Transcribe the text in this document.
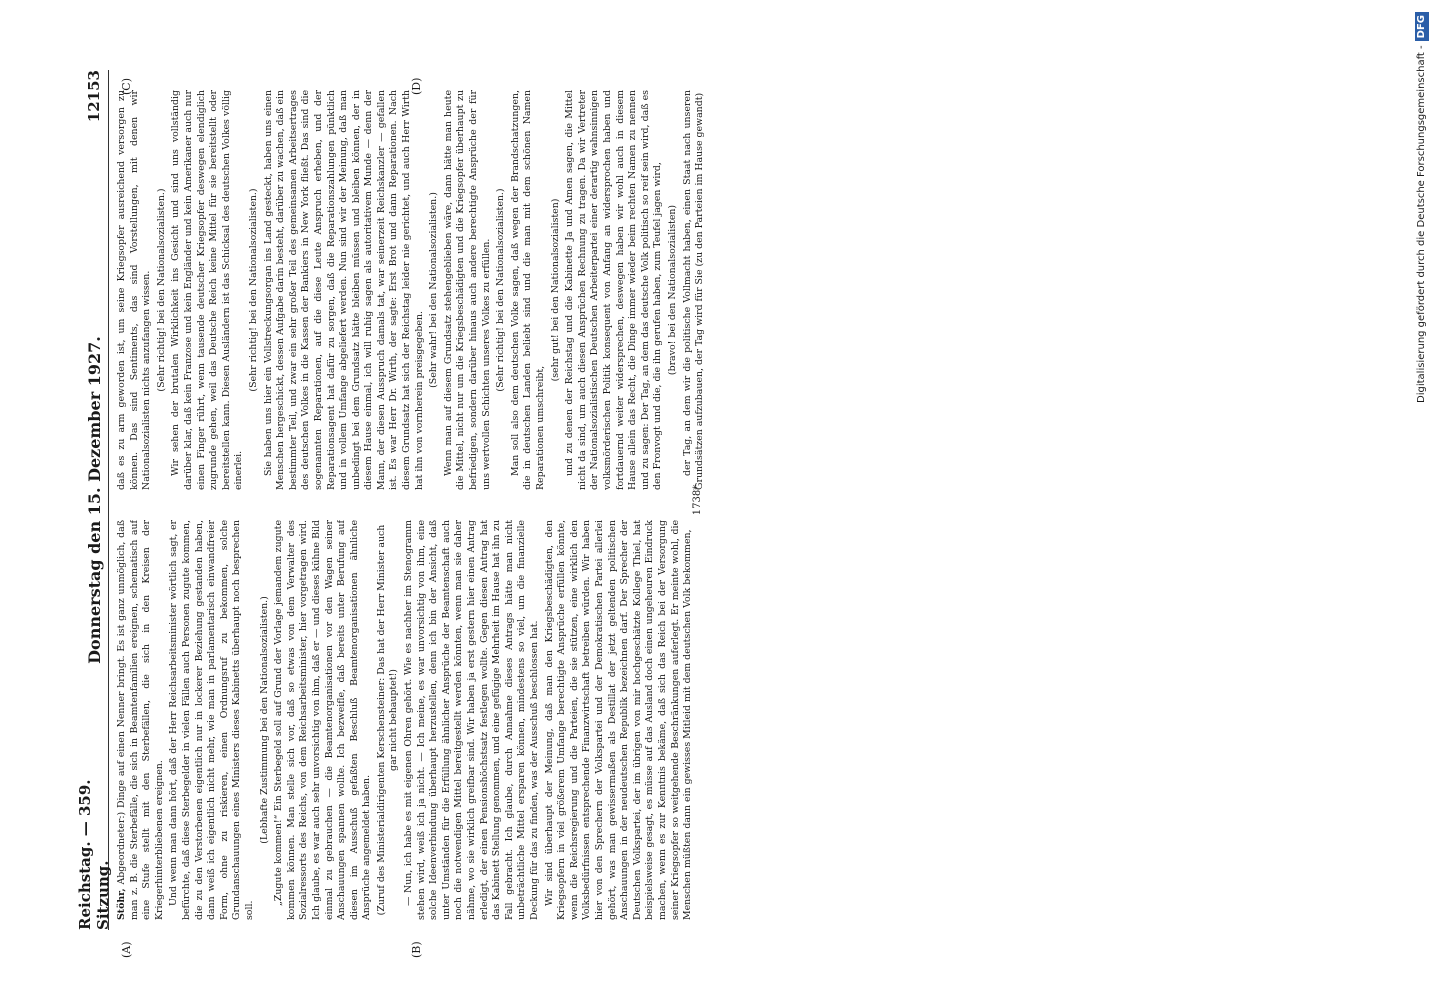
Reichstag. — 359. Sitzung.
Donnerstag den 15. Dezember 1927.
12153
(A)	(B)
(C)	(D)

Stöhr, Abgeordneter:) Dinge auf einen Nenner bringt. Es ist ganz unmöglich, daß man z. B. die Sterbefälle, die sich in Beamtenfamilien ereignen, schematisch auf eine Stufe stellt mit den Sterbefällen, die sich in den Kreisen der Kriegerhinterbliebenen ereignen. Und wenn man dann hört, daß der Herr Reichsarbeitsminister wörtlich sagt, er befürchte, daß diese Sterbegelder in vielen Fällen auch Personen zugute kommen, die zu den Verstorbenen eigentlich nur in lockerer Beziehung gestanden haben, dann weiß ich eigentlich nicht mehr, wie man in parlamentarisch einwandfreier Form, ohne zu riskieren, einen Ordnungsruf zu bekommen, solche Grundanschauungen eines Ministers dieses Kabinetts überhaupt noch besprechen soll.

(Lebhafte Zustimmung bei den Nationalsozialisten.) „Zugute kommen!“ Ein Sterbegeld soll auf Grund der Vorlage jemandem zugute kommen können. Man stelle sich vor, daß so etwas von dem Verwalter des Sozialressorts des Reichs, von dem Reichsarbeitsminister, hier vorgetragen wird. Ich glaube, es war auch sehr unvorsichtig von ihm, daß er — und dieses kühne Bild einmal zu gebrauchen — die Beamtenorganisationen vor den Wagen seiner Anschauungen spannen wollte. Ich bezweifle, daß bereits unter Berufung auf diesen im Ausschuß gefaßten Beschluß Beamtenorganisationen ähnliche Ansprüche angemeldet haben. (Zuruf des Ministerialdirigenten Kerschensteiner: Das hat der Herr Minister auch gar nicht behauptet!) — Nun, ich habe es mit eigenen Ohren gehört. Wie es nachher im Stenogramm stehen wird, weiß ich ja nicht. — Ich meine, es war unvorsichtig von ihm, eine solche Ideenverbindung überhaupt herzustellen, denn ich bin der Ansicht, daß unter Umständen für die Erfüllung ähnlicher Ansprüche der Beamtenschaft auch noch die notwendigen Mittel bereitgestellt werden könnten, wenn man sie daher nähme, wo sie wirklich greifbar sind. Wir haben ja erst gestern hier einen Antrag erledigt, der einen Pensionshöchstsatz festlegen wollte. Gegen diesen Antrag hat das Kabinett Stellung genommen, und eine gefügige Mehrheit im Hause hat ihn zu Fall gebracht. Ich glaube, durch Annahme dieses Antrags hätte man nicht unbeträchtliche Mittel ersparen können, mindestens so viel, um die finanzielle Deckung für das zu finden, was der Ausschuß beschlossen hat. Wir sind überhaupt der Meinung, daß man den Kriegsbeschädigten, den Kriegsopfern in viel größerem Umfange berechtigte Ansprüche erfüllen könnte, wenn die Reichsregierung und die Parteien, die sie stützen, eine wirklich den Volksbedürfnissen entsprechende Finanzwirtschaft betreiben würden. Wir haben hier von den Sprechern der Volkspartei und der Demokratischen Partei allerlei gehört, was man gewissermaßen als Destillat der jetzt geltenden politischen Anschauungen in der neudeutschen Republik bezeichnen darf. Der Sprecher der Deutschen Volkspartei, der im übrigen von mir hochgeschätzte Kollege Thiel, hat beispielsweise gesagt, es müsse auf das Ausland doch einen ungeheuren Eindruck machen, wenn es zur Kenntnis bekäme, daß sich das Reich bei der Versorgung seiner Kriegsopfer so weitgehende Beschränkungen auferlegt. Er meinte wohl, die Menschen müßten dann ein gewisses Mitleid mit dem deutschen Volk bekommen,

daß es zu arm geworden ist, um seine Kriegsopfer ausreichend versorgen zu können. Das sind Sentiments, das sind Vorstellungen, mit denen wir Nationalsozialisten nichts anzufangen wissen. (Sehr richtig! bei den Nationalsozialisten.) Wir sehen der brutalen Wirklichkeit ins Gesicht und sind uns vollständig darüber klar, daß kein Franzose und kein Engländer und kein Amerikaner auch nur einen Finger rührt, wenn tausende deutscher Kriegsopfer deswegen elendiglich zugrunde gehen, weil das Deutsche Reich keine Mittel für sie bereitstellt oder bereitstellen kann. Diesen Ausländern ist das Schicksal des deutschen Volkes völlig einerlei.

(Sehr richtig! bei den Nationalsozialisten.) Sie haben uns hier ein Vollstreckungsorgan ins Land gesteckt, haben uns einen Menschen hergeschickt, dessen Aufgabe darin besteht, darüber zu wachen, daß ein bestimmter Teil, und zwar ein sehr großer Teil des gemeinsamen Arbeitsertrages des deutschen Volkes in die Kassen der Bankiers in New York fließt. Das sind die sogenannten Reparationen, auf die diese Leute Anspruch erheben, und der Reparationsagent hat dafür zu sorgen, daß die Reparationszahlungen pünktlich und in vollem Umfange abgeliefert werden. Nun sind wir der Meinung, daß man unbedingt bei dem Grundsatz hätte bleiben müssen und bleiben können, der in diesem Hause einmal, ich will ruhig sagen als autoritativem Munde — denn der Mann, der diesen Ausspruch damals tat, war seinerzeit Reichskanzler — gefallen ist. Es war Herr Dr. Wirth, der sagte: Erst Brot und dann Reparationen. Nach diesem Grundsatz hat sich der Reichstag leider nie gerichtet, und auch Herr Wirth hat ihn von vornherein preisgegeben.

(Sehr wahr! bei den Nationalsozialisten.) Wenn man auf diesem Grundsatz stehengeblieben wäre, dann hätte man heute die Mittel, nicht nur um die Kriegsbeschädigten und die Kriegsopfer überhaupt zu befriedigen, sondern darüber hinaus auch andere berechtigte Ansprüche der für uns wertvollen Schichten unseres Volkes zu erfüllen. (Sehr richtig! bei den Nationalsozialisten.) Man soll also dem deutschen Volke sagen, daß wegen der Brandschatzungen, die in deutschen Landen beliebt sind und die man mit dem schönen Namen Reparationen umschreibt,

(sehr gut! bei den Nationalsozialisten) und zu denen der Reichstag und die Kabinette Ja und Amen sagen, die Mittel nicht da sind, um auch diesen Ansprüchen Rechnung zu tragen. Da wir Vertreter der Nationalsozialistischen Deutschen Arbeiterpartei einer derartig wahnsinnigen volksmörderischen Politik konsequent von Anfang an widersprochen haben und fortdauernd weiter widersprechen, deswegen haben wir wohl auch in diesem Hause allein das Recht, die Dinge immer wieder beim rechten Namen zu nennen und zu sagen: Der Tag, an dem das deutsche Volk politisch so reif sein wird, daß es den Fronvogt und die, die ihn gerufen haben, zum Teufel jagen wird, (bravo! bei den Nationalsozialisten) der Tag, an dem wir die politische Vollmacht haben, einen Staat nach unseren Grundsätzen aufzubauen, der Tag wird für Sie (zu den Parteien im Hause gewandt)

1738*
Digitalisierung gefördert durch die Deutsche Forschungsgemeinschaft -DFG
